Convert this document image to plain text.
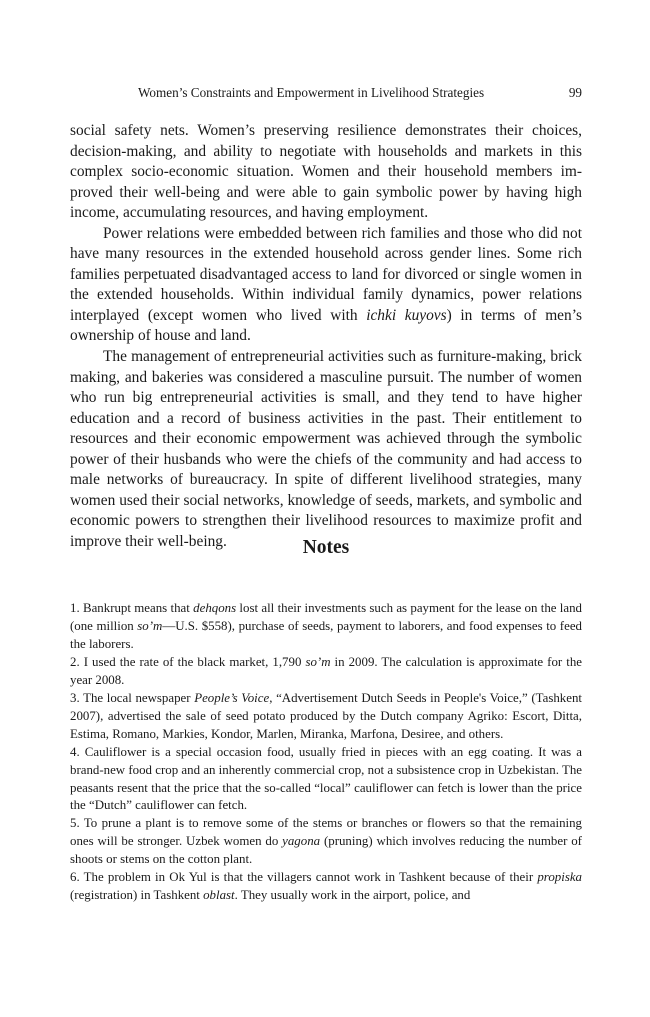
Women’s Constraints and Empowerment in Livelihood Strategies	99

social safety nets. Women’s preserving resilience demonstrates their choices, decision-making, and ability to negotiate with households and markets in this complex socio-economic situation. Women and their household members improved their well-being and were able to gain symbolic power by having high income, accumulating resources, and having employment.

Power relations were embedded between rich families and those who did not have many resources in the extended household across gender lines. Some rich families perpetuated disadvantaged access to land for divorced or single women in the extended households. Within individual family dynamics, power relations interplayed (except women who lived with ichki kuyovs) in terms of men’s ownership of house and land.

The management of entrepreneurial activities such as furniture-making, brick making, and bakeries was considered a masculine pursuit. The number of women who run big entrepreneurial activities is small, and they tend to have higher education and a record of business activities in the past. Their entitlement to resources and their economic empowerment was achieved through the symbolic power of their husbands who were the chiefs of the community and had access to male networks of bureaucracy. In spite of different livelihood strategies, many women used their social networks, knowledge of seeds, markets, and symbolic and economic powers to strengthen their livelihood resources to maximize profit and improve their well-being.	Notes

1. Bankrupt means that dehqons lost all their investments such as payment for the lease on the land (one million so’m—U.S. $558), purchase of seeds, payment to laborers, and food expenses to feed the laborers.

2. I used the rate of the black market, 1,790 so’m in 2009. The calculation is approximate for the year 2008.

3. The local newspaper People’s Voice, “Advertisement Dutch Seeds in People's Voice,” (Tashkent 2007), advertised the sale of seed potato produced by the Dutch company Agriko: Escort, Ditta, Estima, Romano, Markies, Kondor, Marlen, Miranka, Marfona, Desiree, and others.

4. Cauliflower is a special occasion food, usually fried in pieces with an egg coating. It was a brand-new food crop and an inherently commercial crop, not a subsistence crop in Uzbekistan. The peasants resent that the price that the so-called “local” cauliflower can fetch is lower than the price the “Dutch” cauliflower can fetch.

5. To prune a plant is to remove some of the stems or branches or flowers so that the remaining ones will be stronger. Uzbek women do yagona (pruning) which involves reducing the number of shoots or stems on the cotton plant.

6. The problem in Ok Yul is that the villagers cannot work in Tashkent because of their propiska (registration) in Tashkent oblast. They usually work in the airport, police, and
